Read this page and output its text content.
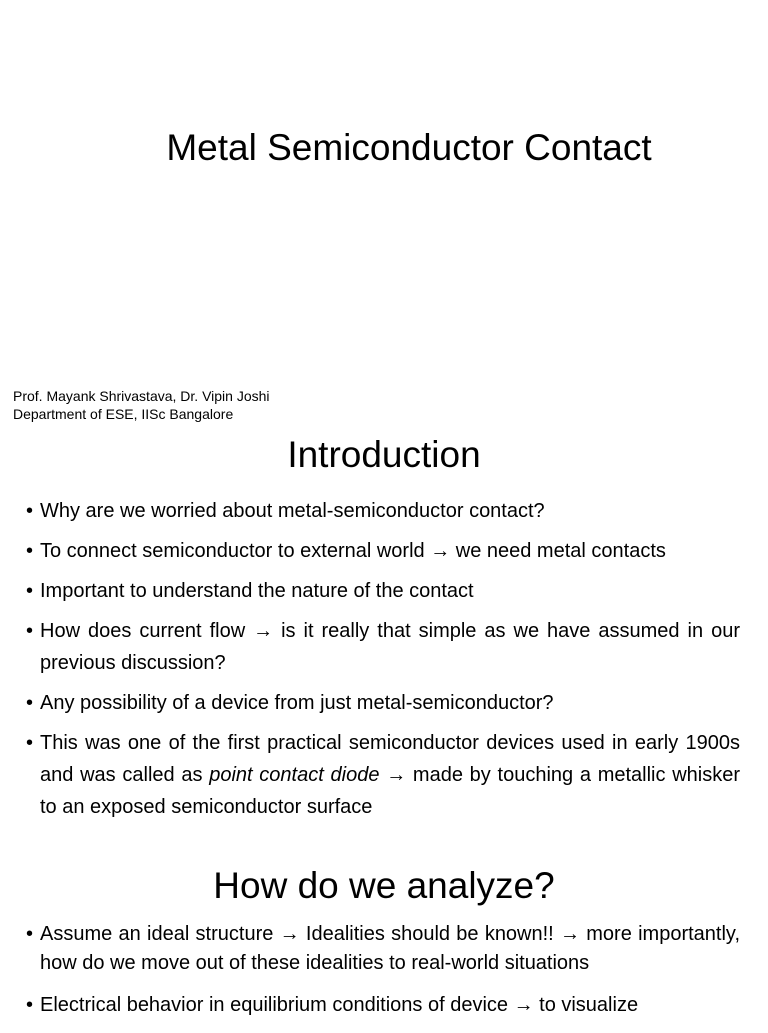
Metal Semiconductor Contact
Prof. Mayank Shrivastava, Dr. Vipin Joshi
Department of ESE, IISc Bangalore
Introduction
• Why are we worried about metal-semiconductor contact?
• To connect semiconductor to external world → we need metal contacts
• Important to understand the nature of the contact
• How does current flow → is it really that simple as we have assumed in our previous discussion?
• Any possibility of a device from just metal-semiconductor?
• This was one of the first practical semiconductor devices used in early 1900s and was called as point contact diode → made by touching a metallic whisker to an exposed semiconductor surface
How do we analyze?
• Assume an ideal structure → Idealities should be known!! → more importantly, how do we move out of these idealities to real-world situations
• Electrical behavior in equilibrium conditions of device → to visualize
